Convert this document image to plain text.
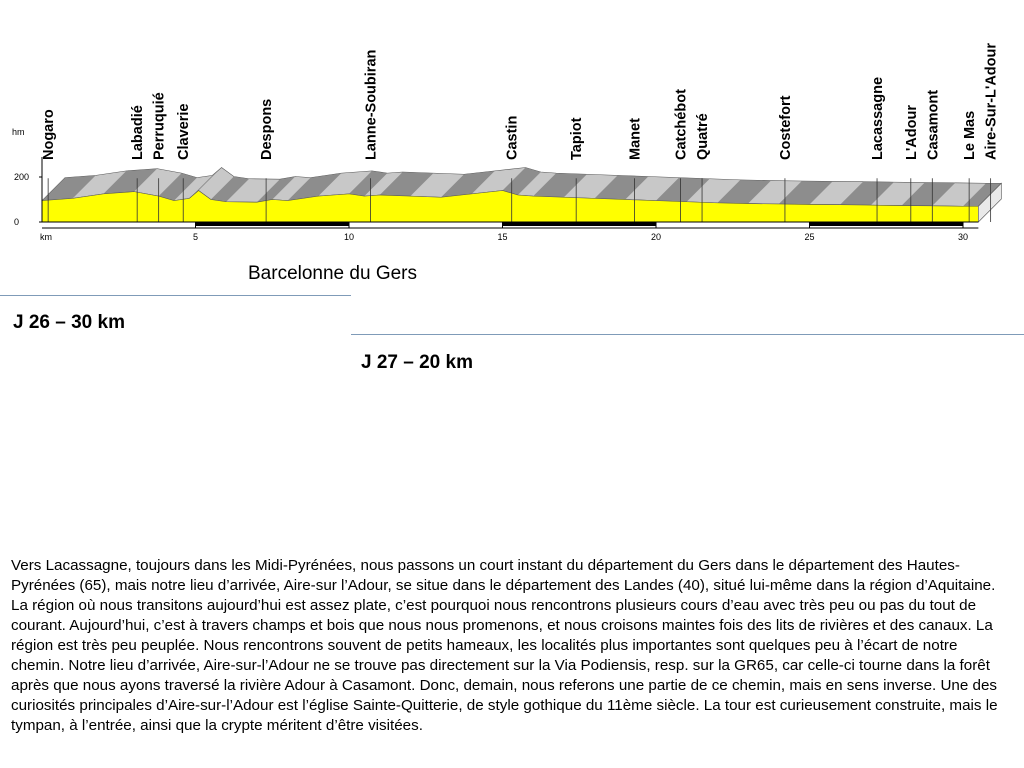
hm
km
0
200
5	10	15	20	25	30
Nogaro	Labadié Perruquié Claverie	Despons	Lanne-Soubiran	Castin	Tapiot	Manet Catchébot Quatré	Costefort	Lacassagne L'Adour Casamont Le Mas Aire-Sur-L'Adour
Barcelonne du Gers
J 26 – 30 km
J 27 – 20 km
Vers Lacassagne, toujours dans les Midi-Pyrénées, nous passons un court instant du département du Gers dans le département des Hautes-Pyrénées (65), mais notre lieu d’arrivée, Aire-sur l’Adour, se situe dans le département des Landes (40), situé lui-même dans la région d’Aquitaine. La région où nous transitons aujourd’hui est assez plate, c’est pourquoi nous rencontrons plusieurs cours d’eau avec très peu ou pas du tout de courant. Aujourd’hui, c’est à travers champs et bois que nous nous promenons, et nous croisons maintes fois des lits de rivières et des canaux. La région est très peu peuplée. Nous rencontrons souvent de petits hameaux, les localités plus importantes sont quelques peu à l’écart de notre chemin. Notre lieu d’arrivée, Aire-sur-l’Adour ne se trouve pas directement sur la Via Podiensis, resp. sur la GR65, car celle-ci tourne dans la forêt après que nous ayons traversé la rivière Adour à Casamont. Donc, demain, nous referons une partie de ce chemin, mais en sens inverse. Une des curiosités principales d’Aire-sur-l’Adour est l’église Sainte-Quitterie, de style gothique du 11ème siècle. La tour est curieusement construite, mais le tympan, à l’entrée, ainsi que la crypte méritent d’être visitées.
